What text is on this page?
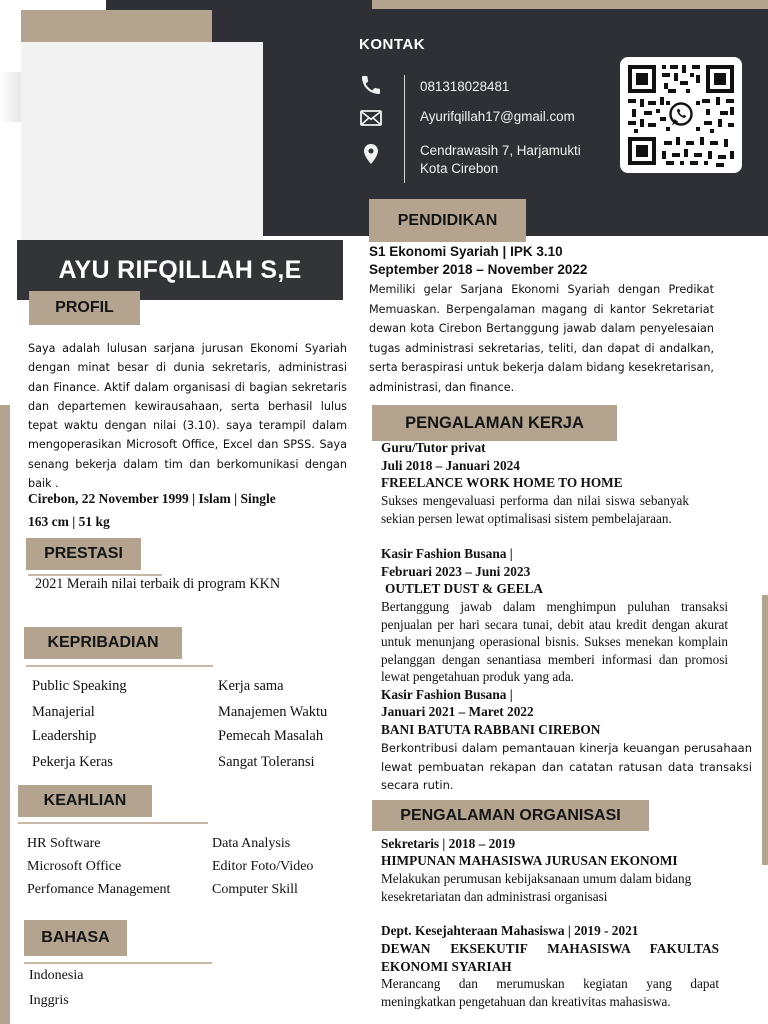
KONTAK
081318028481
Ayurifqillah17@gmail.com
Cendrawasih 7, Harjamukti
Kota Cirebon
AYU RIFQILLAH S,E
PROFIL
Saya adalah lulusan sarjana jurusan Ekonomi Syariah dengan minat besar di dunia sekretaris, administrasi dan Finance. Aktif dalam organisasi di bagian sekretaris dan departemen kewirausahaan, serta berhasil lulus tepat waktu dengan nilai (3.10). saya terampil dalam mengoperasikan Microsoft Office, Excel dan SPSS. Saya senang bekerja dalam tim dan berkomunikasi dengan baik .
Cirebon, 22 November 1999 | Islam | Single
163 cm | 51 kg
PRESTASI
2021 Meraih nilai terbaik di program KKN
KEPRIBADIAN
Public Speaking
Manajerial
Leadership
Pekerja Keras
Kerja sama
Manajemen Waktu
Pemecah Masalah
Sangat Toleransi
KEAHLIAN
HR Software
Microsoft Office
Perfomance Management
Data Analysis
Editor Foto/Video
Computer Skill
BAHASA
Indonesia
Inggris
PENDIDIKAN
S1 Ekonomi Syariah | IPK 3.10
September 2018 – November 2022
Memiliki gelar Sarjana Ekonomi Syariah dengan Predikat Memuaskan. Berpengalaman magang di kantor Sekretariat dewan kota Cirebon Bertanggung jawab dalam penyelesaian tugas administrasi sekretarias, teliti, dan dapat di andalkan, serta beraspirasi untuk bekerja dalam bidang kesekretarisan, administrasi, dan finance.
PENGALAMAN KERJA
Guru/Tutor privat
Juli 2018 – Januari 2024
FREELANCE WORK HOME TO HOME
Sukses mengevaluasi performa dan nilai siswa sebanyak sekian persen lewat optimalisasi sistem pembelajaraan.
Kasir Fashion Busana |
Februari 2023 – Juni 2023
OUTLET DUST & GEELA
Bertanggung jawab dalam menghimpun puluhan transaksi penjualan per hari secara tunai, debit atau kredit dengan akurat untuk menunjang operasional bisnis. Sukses menekan komplain pelanggan dengan senantiasa memberi informasi dan promosi lewat pengetahuan produk yang ada.
Kasir Fashion Busana |
Januari 2021 – Maret 2022
BANI BATUTA RABBANI CIREBON
Berkontribusi dalam pemantauan kinerja keuangan perusahaan lewat pembuatan rekapan dan catatan ratusan data transaksi secara rutin.
PENGALAMAN ORGANISASI
Sekretaris | 2018 – 2019
HIMPUNAN MAHASISWA JURUSAN EKONOMI
Melakukan perumusan kebijaksanaan umum dalam bidang kesekretariatan dan administrasi organisasi
Dept. Kesejahteraan Mahasiswa | 2019 - 2021
DEWAN EKSEKUTIF MAHASISWA FAKULTAS EKONOMI SYARIAH
Merancang dan merumuskan kegiatan yang dapat meningkatkan pengetahuan dan kreativitas mahasiswa.
